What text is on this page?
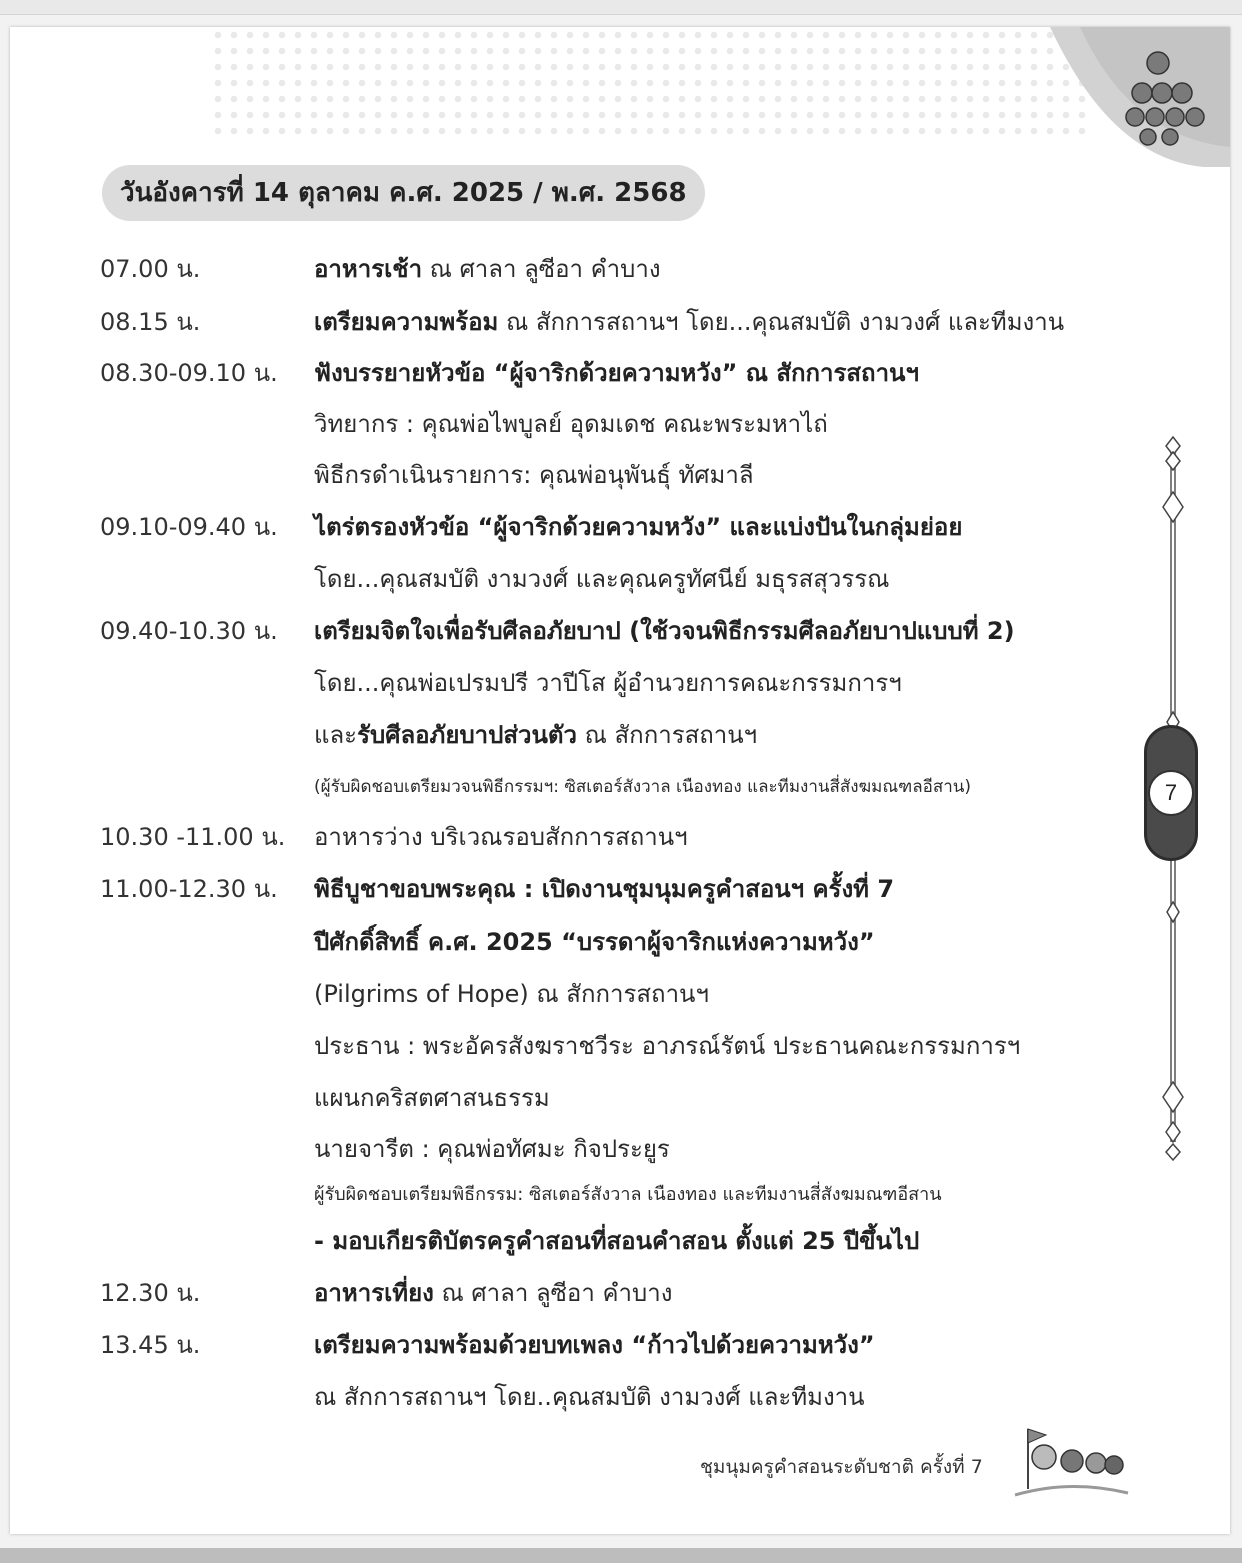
วันอังคารที่ 14 ตุลาคม ค.ศ. 2025 / พ.ศ. 2568
07.00 น.	อาหารเช้า ณ ศาลา ลูซีอา คำบาง
08.15 น.	เตรียมความพร้อม ณ สักการสถานฯ โดย...คุณสมบัติ งามวงศ์ และทีมงาน
08.30-09.10 น. ฟังบรรยายหัวข้อ “ผู้จาริกด้วยความหวัง” ณ สักการสถานฯ
วิทยากร : คุณพ่อไพบูลย์ อุดมเดช คณะพระมหาไถ่
พิธีกรดำเนินรายการ: คุณพ่อนุพันธุ์ ทัศมาลี
09.10-09.40 น. ไตร่ตรองหัวข้อ “ผู้จาริกด้วยความหวัง” และแบ่งปันในกลุ่มย่อย
โดย...คุณสมบัติ งามวงศ์ และคุณครูทัศนีย์ มธุรสสุวรรณ
09.40-10.30 น. เตรียมจิตใจเพื่อรับศีลอภัยบาป (ใช้วจนพิธีกรรมศีลอภัยบาปแบบที่ 2)
โดย...คุณพ่อเปรมปรี วาปีโส ผู้อำนวยการคณะกรรมการฯ
และรับศีลอภัยบาปส่วนตัว ณ สักการสถานฯ
(ผู้รับผิดชอบเตรียมวจนพิธีกรรมฯ: ซิสเตอร์สังวาล เนืองทอง และทีมงานสี่สังฆมณฑลอีสาน)
10.30 -11.00 น. อาหารว่าง บริเวณรอบสักการสถานฯ
11.00-12.30 น. พิธีบูชาขอบพระคุณ : เปิดงานชุมนุมครูคำสอนฯ ครั้งที่ 7
ปีศักดิ์สิทธิ์ ค.ศ. 2025 “บรรดาผู้จาริกแห่งความหวัง”
(Pilgrims of Hope) ณ สักการสถานฯ
ประธาน : พระอัครสังฆราชวีระ อาภรณ์รัตน์ ประธานคณะกรรมการฯ
แผนกคริสตศาสนธรรม
นายจารีต : คุณพ่อทัศมะ กิจประยูร
ผู้รับผิดชอบเตรียมพิธีกรรม: ซิสเตอร์สังวาล เนืองทอง และทีมงานสี่สังฆมณฑอีสาน
- มอบเกียรติบัตรครูคำสอนที่สอนคำสอน ตั้งแต่ 25 ปีขึ้นไป
12.30 น.	อาหารเที่ยง ณ ศาลา ลูซีอา คำบาง
13.45 น.	เตรียมความพร้อมด้วยบทเพลง “ก้าวไปด้วยความหวัง”
ณ สักการสถานฯ โดย..คุณสมบัติ งามวงศ์ และทีมงาน
7
ชุมนุมครูคำสอนระดับชาติ ครั้งที่ 7
